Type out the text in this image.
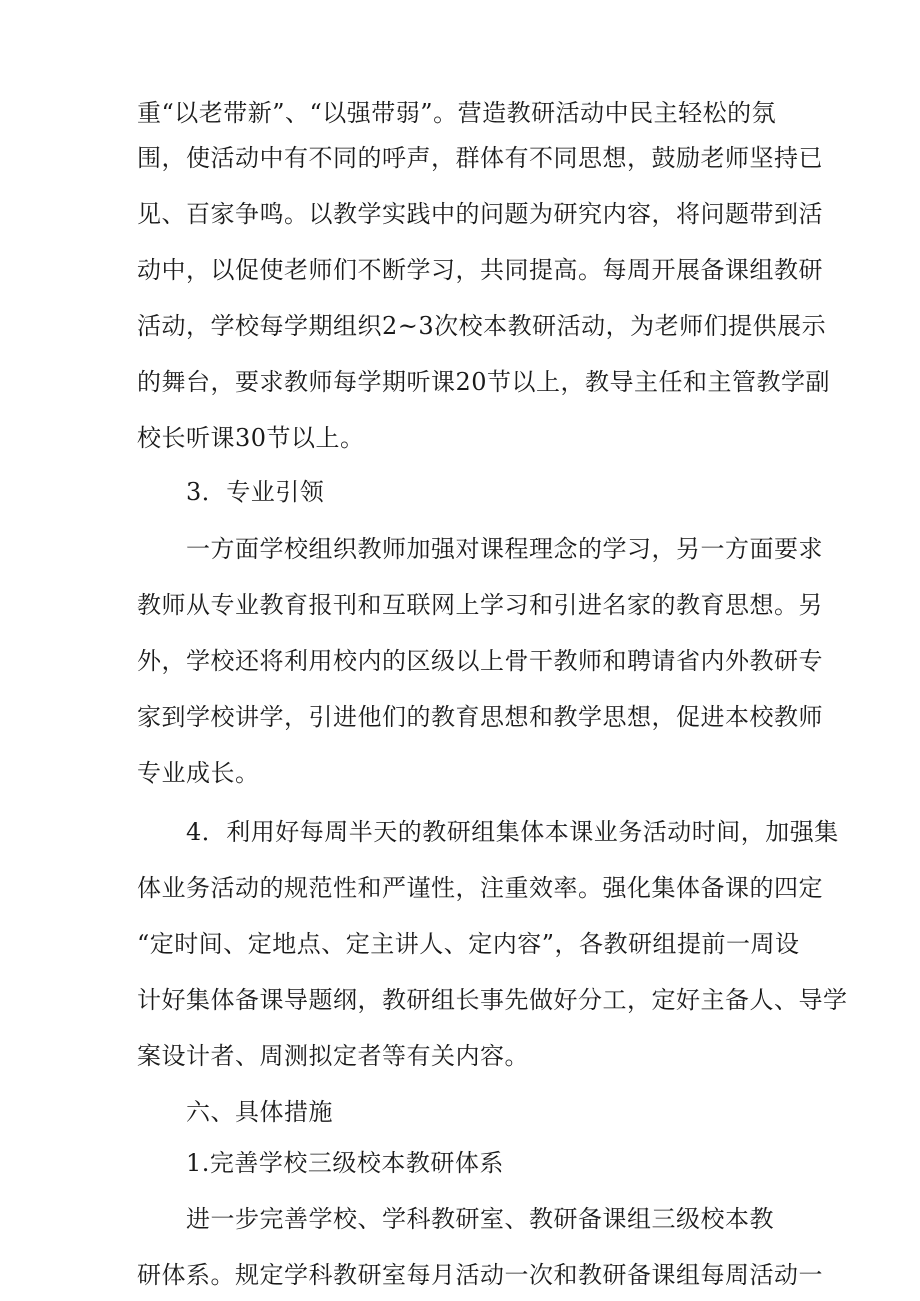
重“以老带新”、“以强带弱”。营造教研活动中民主轻松的氛
围，使活动中有不同的呼声，群体有不同思想，鼓励老师坚持已
见、百家争鸣。以教学实践中的问题为研究内容，将问题带到活
动中，以促使老师们不断学习，共同提高。每周开展备课组教研
活动，学校每学期组织2~3次校本教研活动，为老师们提供展示
的舞台，要求教师每学期听课20节以上，教导主任和主管教学副
校长听课30节以上。
3．专业引领
一方面学校组织教师加强对课程理念的学习，另一方面要求
教师从专业教育报刊和互联网上学习和引进名家的教育思想。另
外，学校还将利用校内的区级以上骨干教师和聘请省内外教研专
家到学校讲学，引进他们的教育思想和教学思想，促进本校教师
专业成长。
4．利用好每周半天的教研组集体本课业务活动时间，加强集
体业务活动的规范性和严谨性，注重效率。强化集体备课的四定
“定时间、定地点、定主讲人、定内容”，各教研组提前一周设
计好集体备课导题纲，教研组长事先做好分工，定好主备人、导学
案设计者、周测拟定者等有关内容。
六、具体措施
1.完善学校三级校本教研体系
进一步完善学校、学科教研室、教研备课组三级校本教
研体系。规定学科教研室每月活动一次和教研备课组每周活动一
